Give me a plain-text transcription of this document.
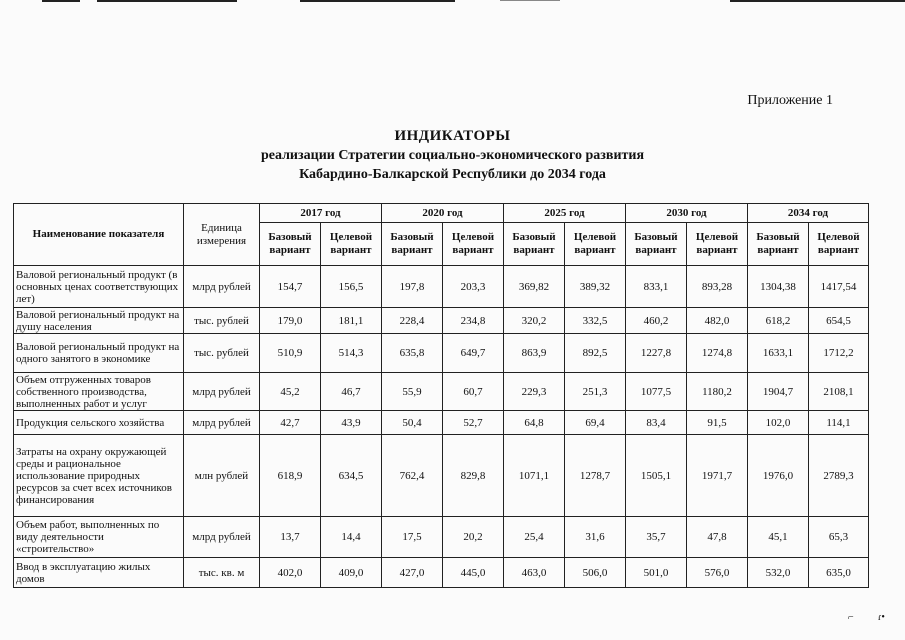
Приложение 1
ИНДИКАТОРЫ
реализации Стратегии социально-экономического развития
Кабардино-Балкарской Республики до 2034 года
Наименование показателя	Единица измерения	2017 год		2020 год		2025 год		2030 год		2034 год	
		Базовый вариант	Целевой вариант	Базовый вариант	Целевой вариант	Базовый вариант	Целевой вариант	Базовый вариант	Целевой вариант	Базовый вариант	Целевой вариант
Валовой региональный продукт (в основных ценах соответствующих лет)	млрд рублей	154,7	156,5	197,8	203,3	369,82	389,32	833,1	893,28	1304,38	1417,54
Валовой региональный продукт на душу населения	тыс. рублей	179,0	181,1	228,4	234,8	320,2	332,5	460,2	482,0	618,2	654,5
Валовой региональный продукт на одного занятого в экономике	тыс. рублей	510,9	514,3	635,8	649,7	863,9	892,5	1227,8	1274,8	1633,1	1712,2
Объем отгруженных товаров собственного производства, выполненных работ и услуг	млрд рублей	45,2	46,7	55,9	60,7	229,3	251,3	1077,5	1180,2	1904,7	2108,1
Продукция сельского хозяйства	млрд рублей	42,7	43,9	50,4	52,7	64,8	69,4	83,4	91,5	102,0	114,1
Затраты на охрану окружающей среды и рациональное использование природных ресурсов за счет всех источников финансирования	млн рублей	618,9	634,5	762,4	829,8	1071,1	1278,7	1505,1	1971,7	1976,0	2789,3
Объем работ, выполненных по виду деятельности «строительство»	млрд рублей	13,7	14,4	17,5	20,2	25,4	31,6	35,7	47,8	45,1	65,3
Ввод в эксплуатацию жилых домов	тыс. кв. м	402,0	409,0	427,0	445,0	463,0	506,0	501,0	576,0	532,0	635,0
⌐ ɾ•
